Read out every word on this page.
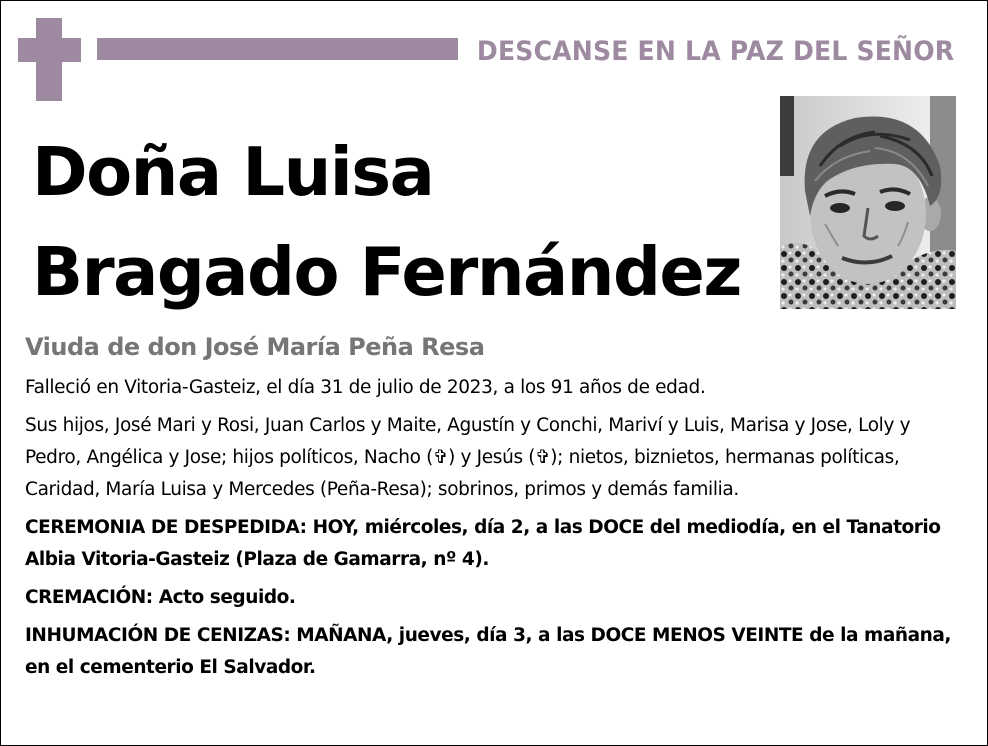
DESCANSE EN LA PAZ DEL SEÑOR
Doña Luisa
Bragado Fernández
Viuda de don José María Peña Resa

Falleció en Vitoria-Gasteiz, el día 31 de julio de 2023, a los 91 años de edad.

Sus hijos, José Mari y Rosi, Juan Carlos y Maite, Agustín y Conchi, Mariví y Luis, Marisa y Jose, Loly y Pedro, Angélica y Jose; hijos políticos, Nacho (✞) y Jesús (✞); nietos, biznietos, hermanas políticas, Caridad, María Luisa y Mercedes (Peña-Resa); sobrinos, primos y demás familia.

CEREMONIA DE DESPEDIDA: HOY, miércoles, día 2, a las DOCE del mediodía, en el Tanatorio Albia Vitoria-Gasteiz (Plaza de Gamarra, nº 4).

CREMACIÓN: Acto seguido.

INHUMACIÓN DE CENIZAS: MAÑANA, jueves, día 3, a las DOCE MENOS VEINTE de la mañana, en el cementerio El Salvador.
